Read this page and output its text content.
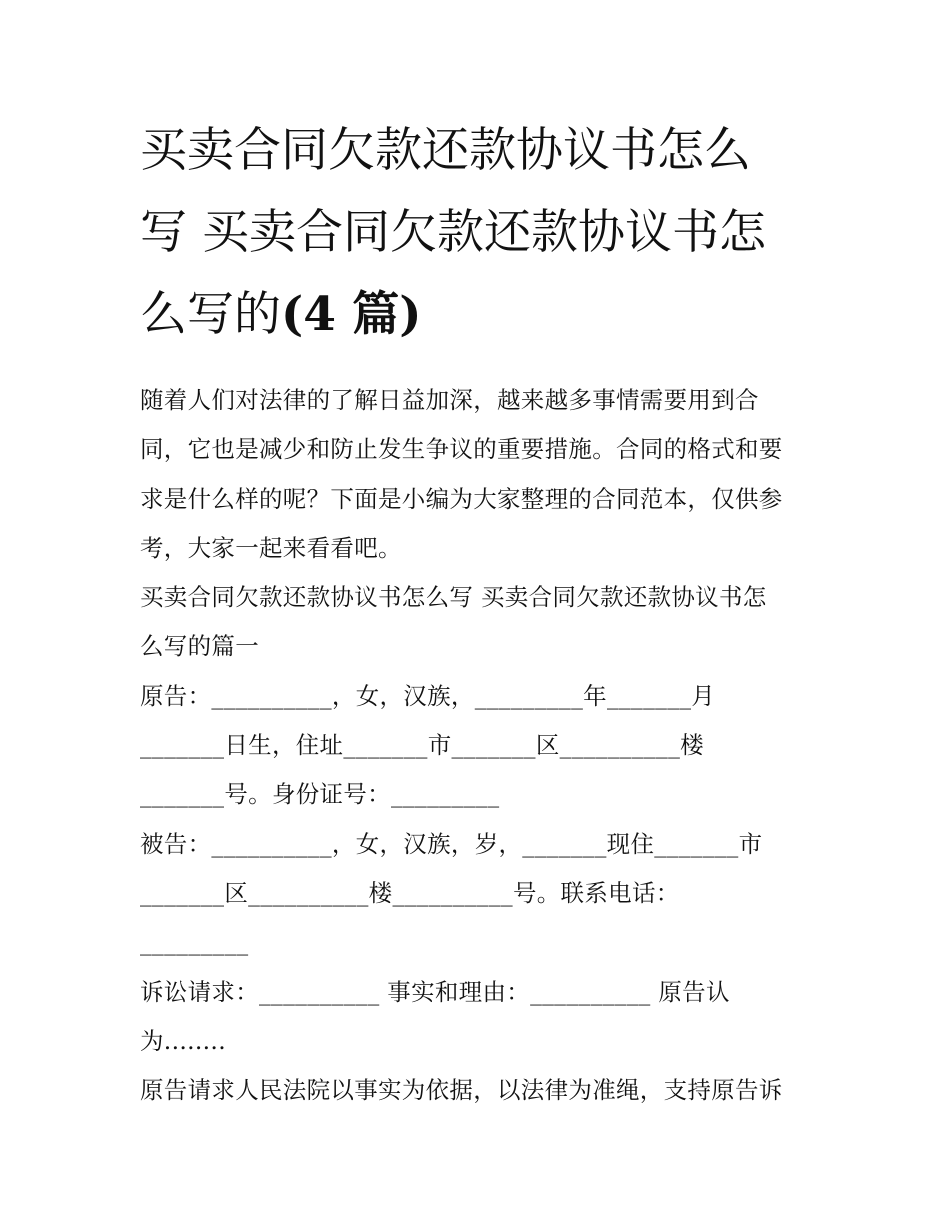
买卖合同欠款还款协议书怎么
写 买卖合同欠款还款协议书怎
么写的(4 篇)

随着人们对法律的了解日益加深，越来越多事情需要用到合

同，它也是减少和防止发生争议的重要措施。合同的格式和要

求是什么样的呢？下面是小编为大家整理的合同范本，仅供参

考，大家一起来看看吧。

买卖合同欠款还款协议书怎么写 买卖合同欠款还款协议书怎

么写的篇一

原告：__________，女，汉族，_________年_______月

_______日生，住址_______市_______区__________楼

_______号。身份证号：_________

被告：__________，女，汉族，岁，_______现住_______市

_______区__________楼__________号。联系电话：

_________

诉讼请求：__________ 事实和理由：__________ 原告认

为........

原告请求人民法院以事实为依据，以法律为准绳，支持原告诉
